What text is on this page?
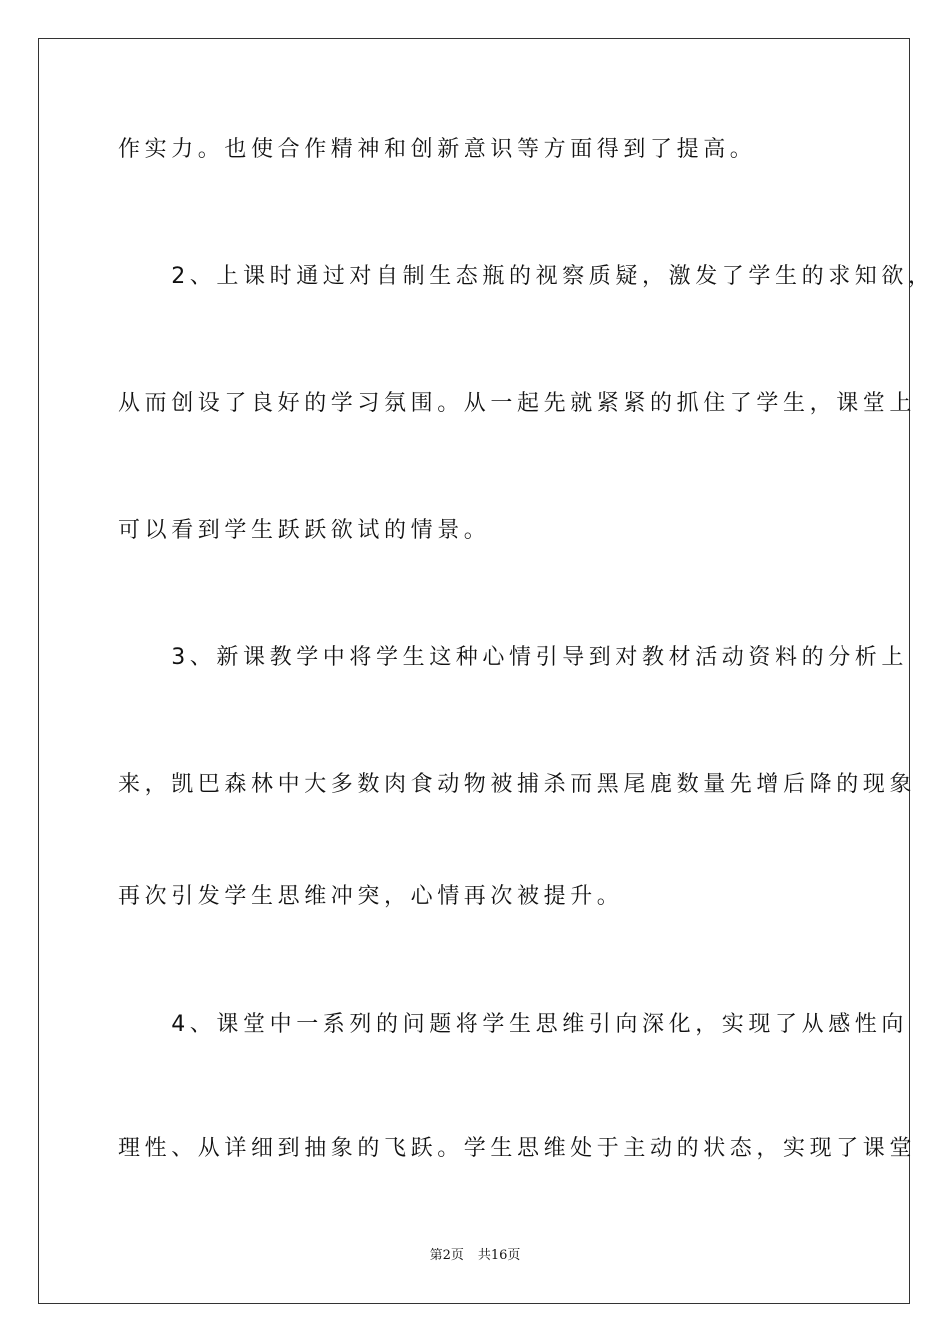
作实力。也使合作精神和创新意识等方面得到了提高。
　　2、上课时通过对自制生态瓶的视察质疑，激发了学生的求知欲，
从而创设了良好的学习氛围。从一起先就紧紧的抓住了学生，课堂上
可以看到学生跃跃欲试的情景。
　　3、新课教学中将学生这种心情引导到对教材活动资料的分析上
来，凯巴森林中大多数肉食动物被捕杀而黑尾鹿数量先增后降的现象
再次引发学生思维冲突，心情再次被提升。
　　4、课堂中一系列的问题将学生思维引向深化，实现了从感性向
理性、从详细到抽象的飞跃。学生思维处于主动的状态，实现了课堂
第2页 共16页
